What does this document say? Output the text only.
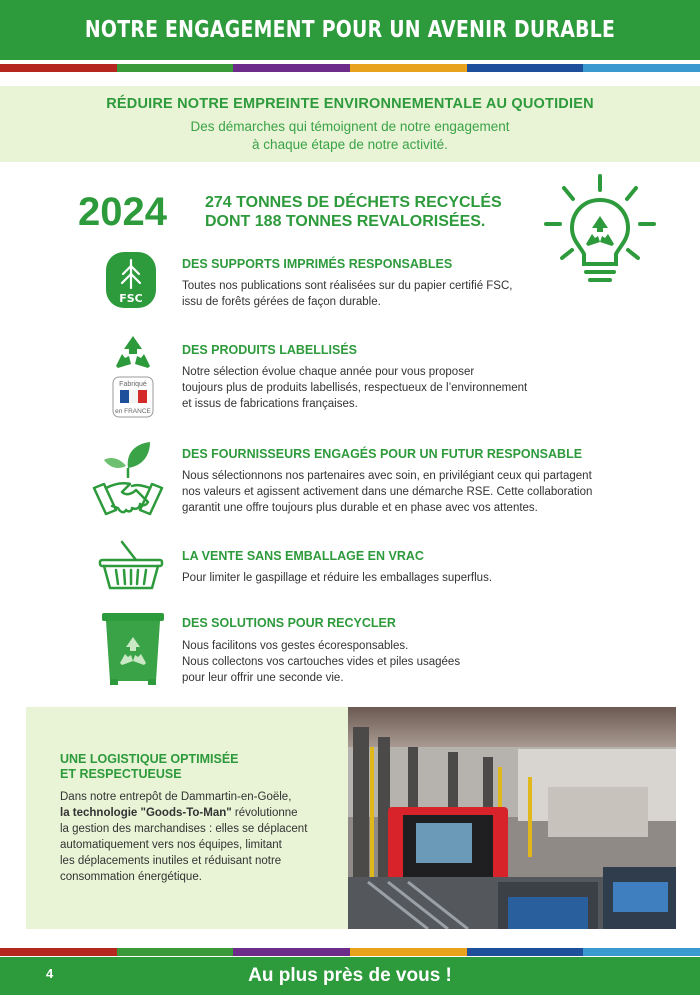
NOTRE ENGAGEMENT POUR UN AVENIR DURABLE
RÉDUIRE NOTRE EMPREINTE ENVIRONNEMENTALE AU QUOTIDIEN
Des démarches qui témoignent de notre engagement
à chaque étape de notre activité.
2024 274 TONNES DE DÉCHETS RECYCLÉS
DONT 188 TONNES REVALORISÉES.
FSC
DES SUPPORTS IMPRIMÉS RESPONSABLES
Toutes nos publications sont réalisées sur du papier certifié FSC,
issu de forêts gérées de façon durable.
Fabriqué
en FRANCE
DES PRODUITS LABELLISÉS
Notre sélection évolue chaque année pour vous proposer
toujours plus de produits labellisés, respectueux de l’environnement
et issus de fabrications françaises.
DES FOURNISSEURS ENGAGÉS POUR UN FUTUR RESPONSABLE
Nous sélectionnons nos partenaires avec soin, en privilégiant ceux qui partagent
nos valeurs et agissent activement dans une démarche RSE. Cette collaboration
garantit une offre toujours plus durable et en phase avec vos attentes.
LA VENTE SANS EMBALLAGE EN VRAC
Pour limiter le gaspillage et réduire les emballages superflus.
DES SOLUTIONS POUR RECYCLER
Nous facilitons vos gestes écoresponsables.
Nous collectons vos cartouches vides et piles usagées
pour leur offrir une seconde vie.
UNE LOGISTIQUE OPTIMISÉE
ET RESPECTUEUSE
Dans notre entrepôt de Dammartin-en-Goële,
la technologie "Goods-To-Man" révolutionne
la gestion des marchandises : elles se déplacent
automatiquement vers nos équipes, limitant
les déplacements inutiles et réduisant notre
consommation énergétique.
Au plus près de vous !
4
